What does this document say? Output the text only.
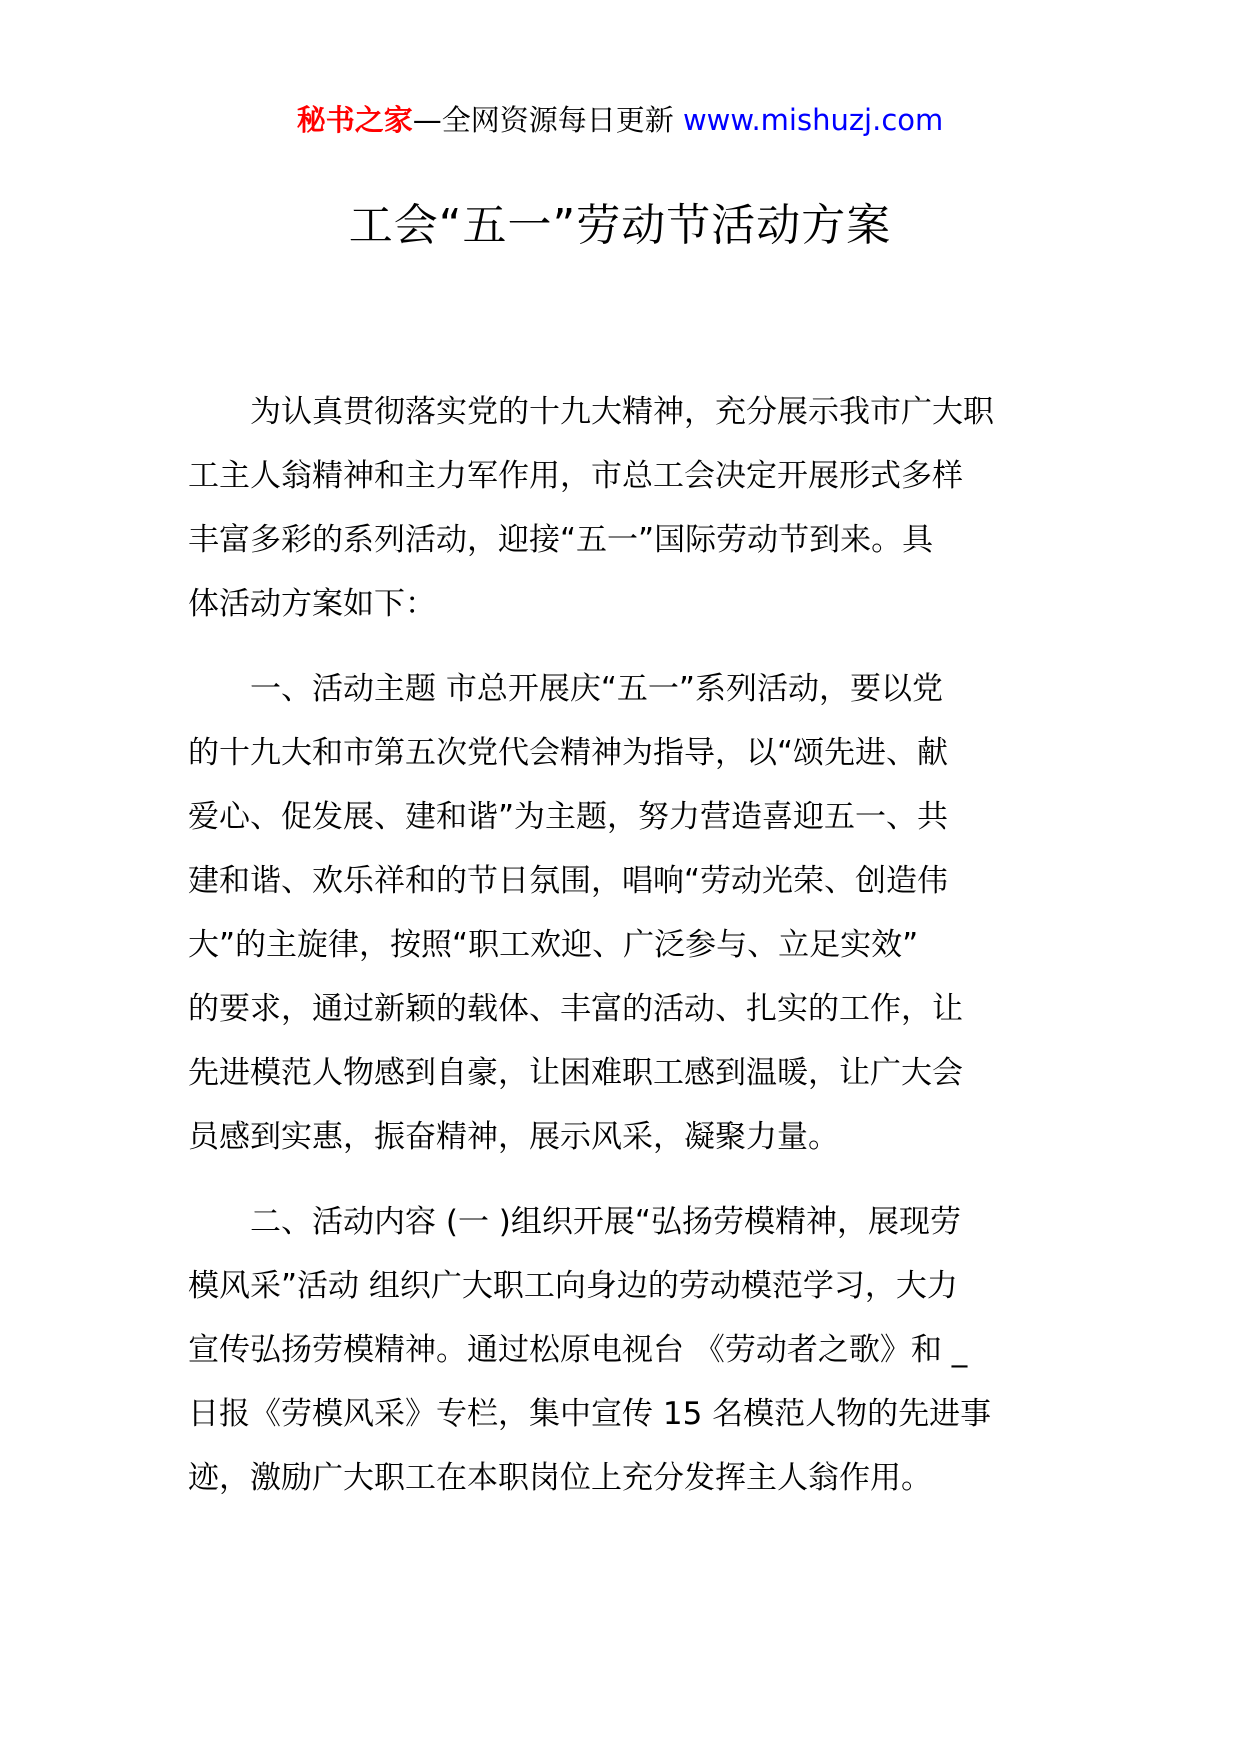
秘书之家—全网资源每日更新 www.mishuzj.com
工会“五一”劳动节活动方案

为认真贯彻落实党的十九大精神，充分展示我市广大职
工主人翁精神和主力军作用，市总工会决定开展形式多样
丰富多彩的系列活动，迎接“五一”国际劳动节到来。具
体活动方案如下：

一、活动主题 市总开展庆“五一”系列活动，要以党
的十九大和市第五次党代会精神为指导，以“颂先进、献
爱心、促发展、建和谐”为主题，努力营造喜迎五一、共
建和谐、欢乐祥和的节日氛围，唱响“劳动光荣、创造伟
大”的主旋律，按照“职工欢迎、广泛参与、立足实效”
的要求，通过新颖的载体、丰富的活动、扎实的工作，让
先进模范人物感到自豪，让困难职工感到温暖，让广大会
员感到实惠，振奋精神，展示风采，凝聚力量。

二、活动内容 (一 )组织开展“弘扬劳模精神，展现劳
模风采”活动 组织广大职工向身边的劳动模范学习，大力
宣传弘扬劳模精神。通过松原电视台 《劳动者之歌》和 _
日报《劳模风采》专栏，集中宣传 15 名模范人物的先进事
迹，激励广大职工在本职岗位上充分发挥主人翁作用。
